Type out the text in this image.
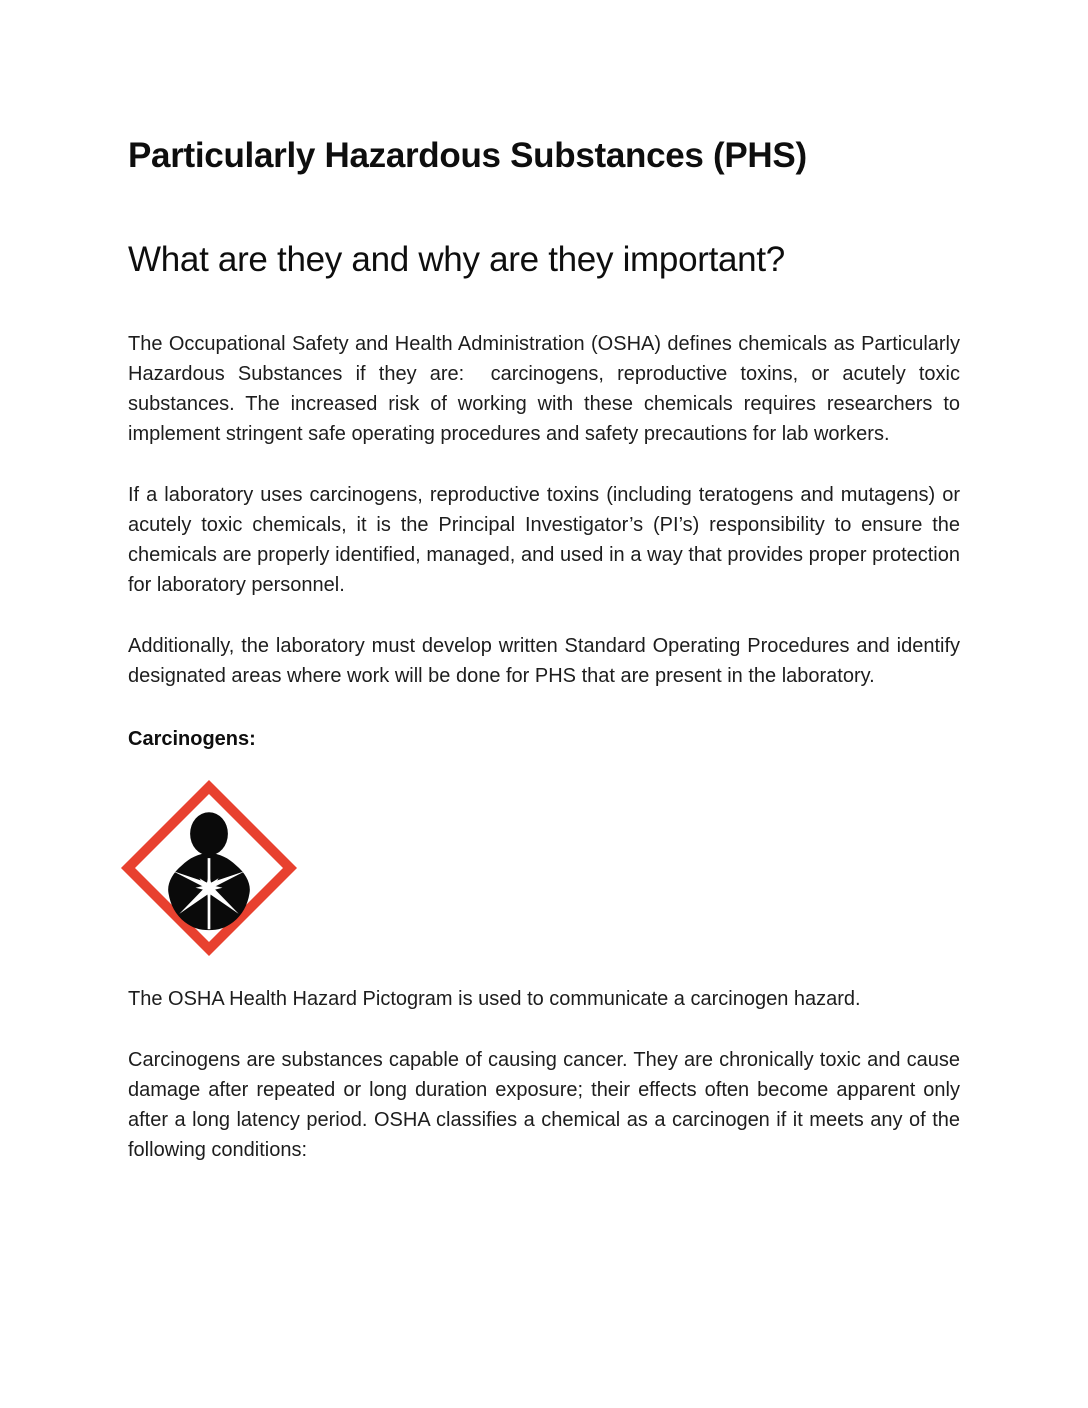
Particularly Hazardous Substances (PHS)
What are they and why are they important?

The Occupational Safety and Health Administration (OSHA) defines chemicals as Particularly Hazardous Substances if they are:  carcinogens, reproductive toxins, or acutely toxic substances. The increased risk of working with these chemicals requires researchers to implement stringent safe operating procedures and safety precautions for lab workers.

If a laboratory uses carcinogens, reproductive toxins (including teratogens and mutagens) or acutely toxic chemicals, it is the Principal Investigator’s (PI’s) responsibility to ensure the chemicals are properly identified, managed, and used in a way that provides proper protection for laboratory personnel.

Additionally, the laboratory must develop written Standard Operating Procedures and identify designated areas where work will be done for PHS that are present in the laboratory.

Carcinogens:

The OSHA Health Hazard Pictogram is used to communicate a carcinogen hazard.

Carcinogens are substances capable of causing cancer. They are chronically toxic and cause damage after repeated or long duration exposure; their effects often become apparent only after a long latency period. OSHA classifies a chemical as a carcinogen if it meets any of the following conditions:
